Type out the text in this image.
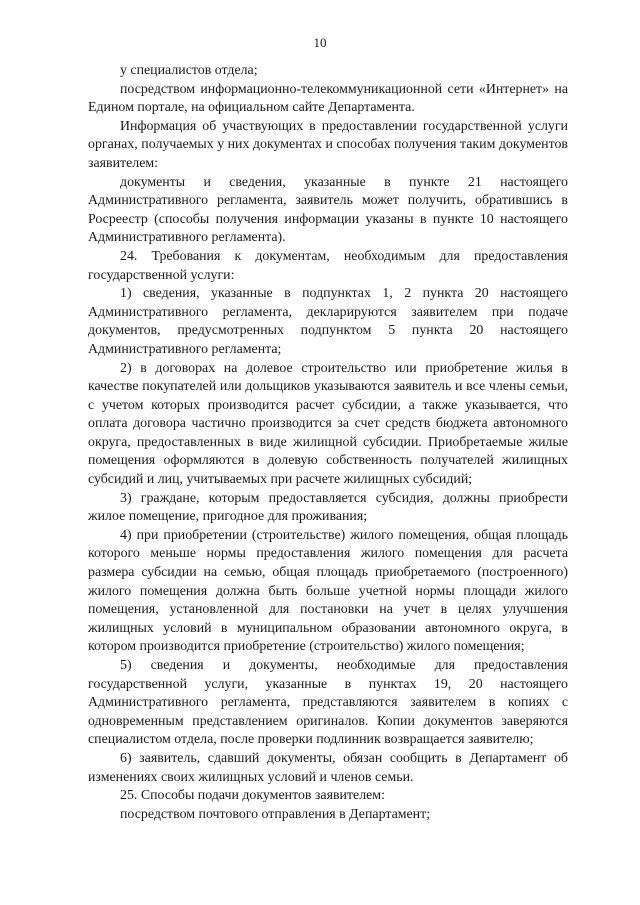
10

у специалистов отдела;

посредством информационно-телекоммуникационной сети «Интернет» на Едином портале, на официальном сайте Департамента.

Информация об участвующих в предоставлении государственной услуги органах, получаемых у них документах и способах получения таким документов заявителем:

документы и сведения, указанные в пункте 21 настоящего Административного регламента, заявитель может получить, обратившись в Росреестр (способы получения информации указаны в пункте 10 настоящего Административного регламента).

24. Требования к документам, необходимым для предоставления государственной услуги:

1) сведения, указанные в подпунктах 1, 2 пункта 20 настоящего Административного регламента, декларируются заявителем при подаче документов, предусмотренных подпунктом 5 пункта 20 настоящего Административного регламента;

2) в договорах на долевое строительство или приобретение жилья в качестве покупателей или дольщиков указываются заявитель и все члены семьи, с учетом которых производится расчет субсидии, а также указывается, что оплата договора частично производится за счет средств бюджета автономного округа, предоставленных в виде жилищной субсидии. Приобретаемые жилые помещения оформляются в долевую собственность получателей жилищных субсидий и лиц, учитываемых при расчете жилищных субсидий;

3) граждане, которым предоставляется субсидия, должны приобрести жилое помещение, пригодное для проживания;

4) при приобретении (строительстве) жилого помещения, общая площадь которого меньше нормы предоставления жилого помещения для расчета размера субсидии на семью, общая площадь приобретаемого (построенного) жилого помещения должна быть больше учетной нормы площади жилого помещения, установленной для постановки на учет в целях улучшения жилищных условий в муниципальном образовании автономного округа, в котором производится приобретение (строительство) жилого помещения;

5) сведения и документы, необходимые для предоставления государственной услуги, указанные в пунктах 19, 20 настоящего Административного регламента, представляются заявителем в копиях с одновременным представлением оригиналов. Копии документов заверяются специалистом отдела, после проверки подлинник возвращается заявителю;

6) заявитель, сдавший документы, обязан сообщить в Департамент об изменениях своих жилищных условий и членов семьи.

25. Способы подачи документов заявителем:

посредством почтового отправления в Департамент;
